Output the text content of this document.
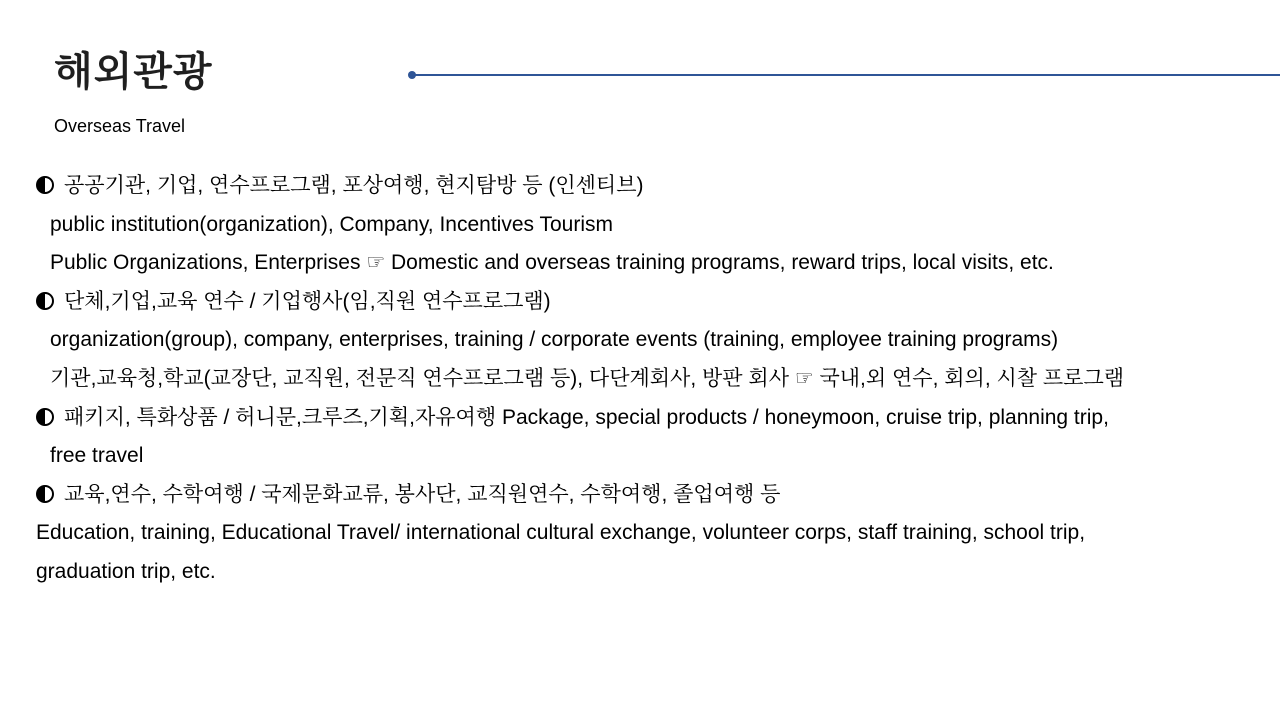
해외관광
Overseas Travel
공공기관, 기업, 연수프로그램, 포상여행, 현지탐방 등 (인센티브)
public institution(organization), Company, Incentives Tourism
Public Organizations, Enterprises ☞ Domestic and overseas training programs, reward trips, local visits, etc.
단체,기업,교육 연수 / 기업행사(임,직원 연수프로그램)
organization(group), company, enterprises, training / corporate events (training, employee training programs)
기관,교육청,학교(교장단, 교직원, 전문직 연수프로그램 등), 다단계회사, 방판 회사 ☞ 국내,외 연수, 회의, 시찰 프로그램
패키지, 특화상품 / 허니문,크루즈,기획,자유여행 Package, special products / honeymoon, cruise trip, planning trip,
free travel
교육,연수, 수학여행 / 국제문화교류, 봉사단, 교직원연수, 수학여행, 졸업여행 등
Education, training, Educational Travel/ international cultural exchange, volunteer corps, staff training, school trip,
graduation trip, etc.
